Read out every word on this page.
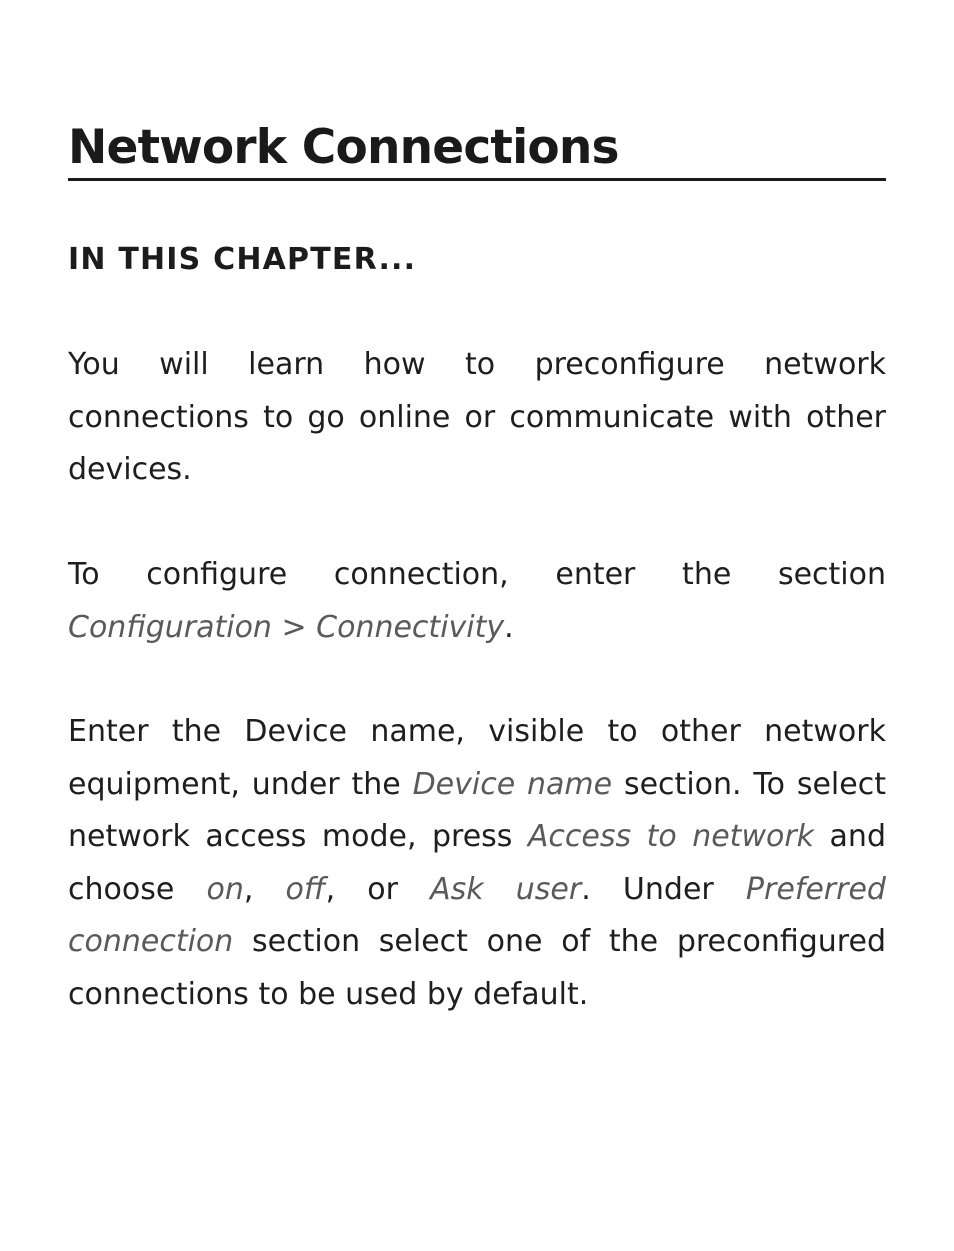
Network Connections
IN THIS CHAPTER...

You will learn how to preconfigure network connections to go online or communicate with other devices.

To configure connection, enter the section Configuration > Connectivity.

Enter the Device name, visible to other network equipment, under the Device name section. To select network access mode, press Access to network and choose on, off, or Ask user. Under Preferred connection section select one of the preconfigured connections to be used by default.
